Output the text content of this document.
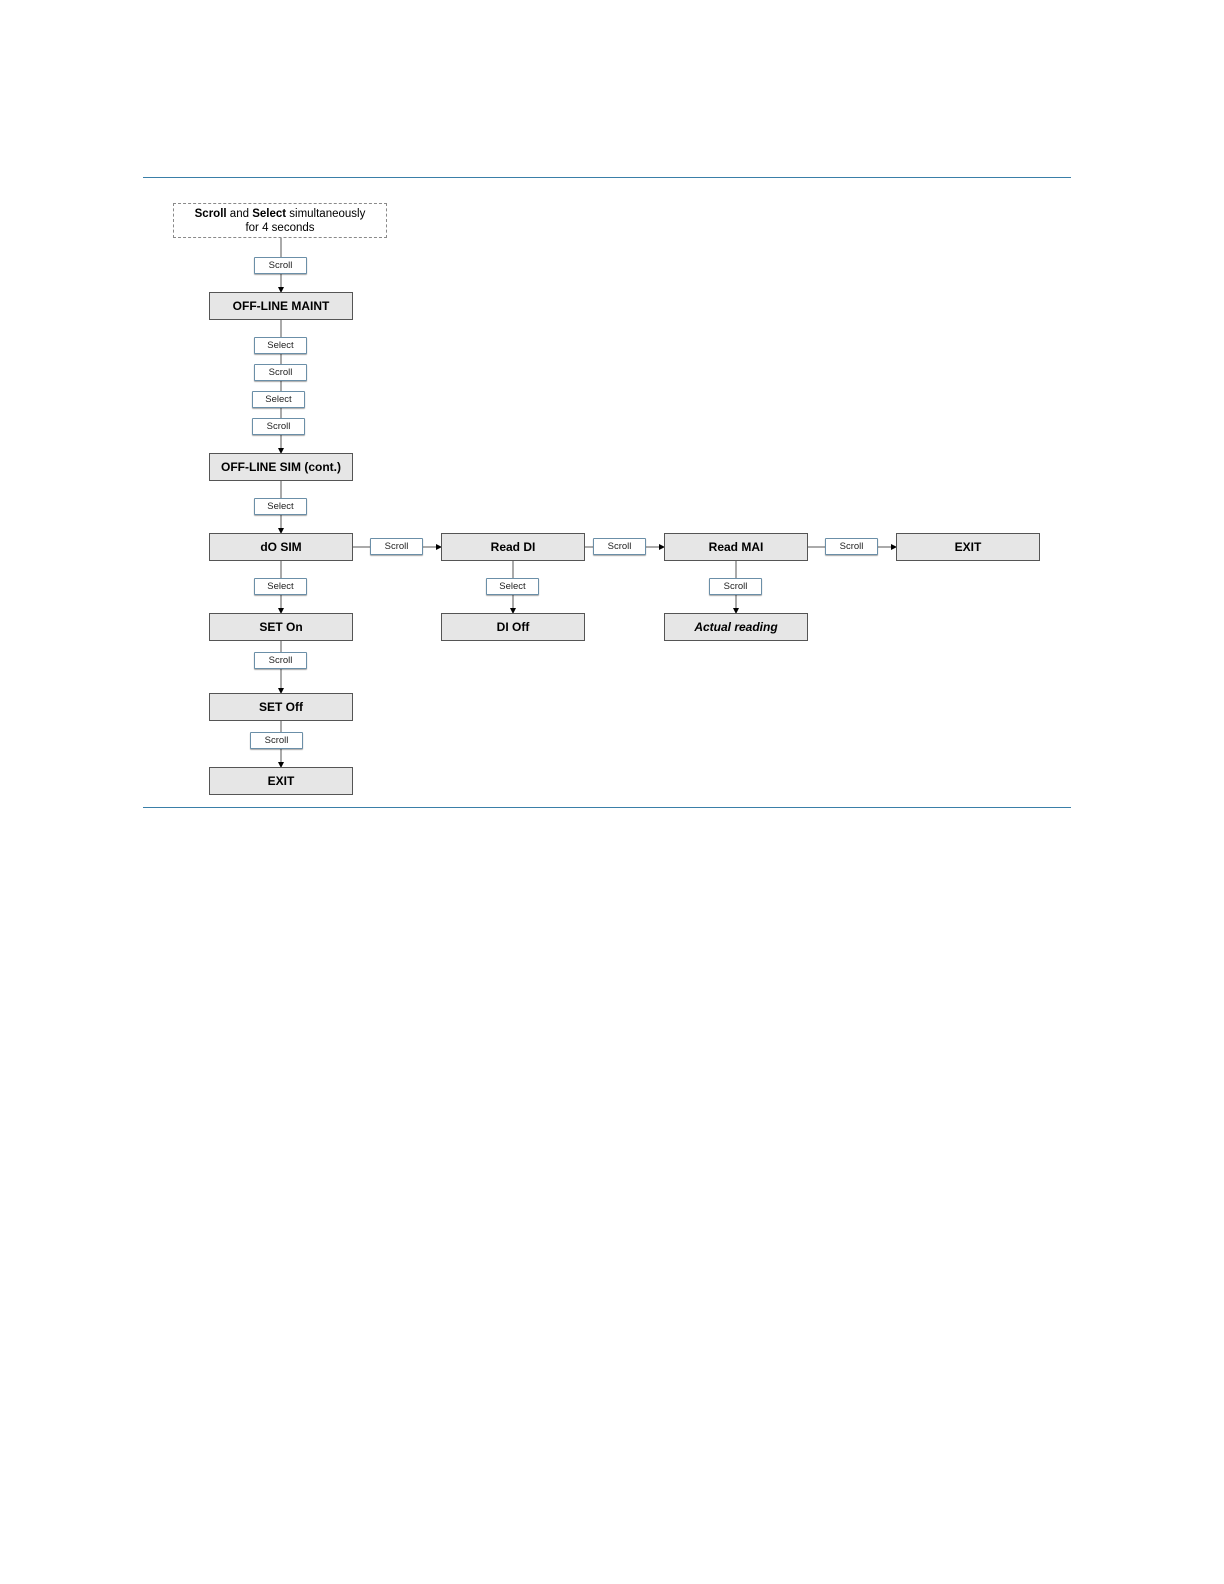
Scroll and Select simultaneously
for 4 seconds
OFF-LINE MAINT
OFF-LINE SIM (cont.)
dO SIM
SET On
SET Off
EXIT
Read DI
DI Off
Read MAI
Actual reading
EXIT
Scroll
Select
Scroll
Select
Scroll
Select
Select
Scroll
Scroll
Scroll	Scroll	Scroll
Select	Scroll
